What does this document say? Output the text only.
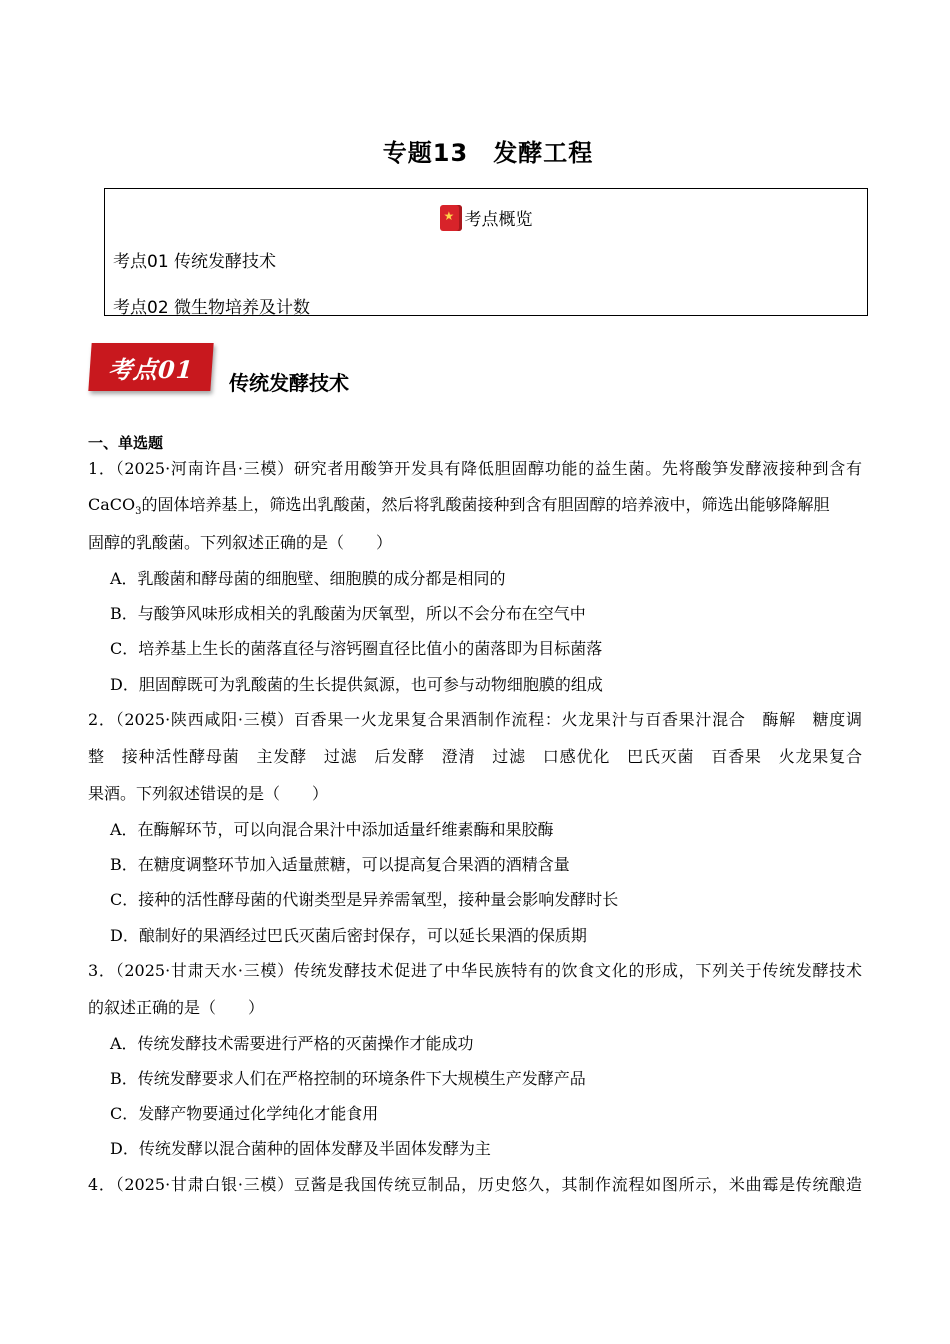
专题13　发酵工程
★考点概览
考点01 传统发酵技术
考点02 微生物培养及计数
考点01 传统发酵技术
一、单选题
1．（2025·河南许昌·三模）研究者用酸笋开发具有降低胆固醇功能的益生菌。先将酸笋发酵液接种到含有
CaCO$_3$的固体培养基上，筛选出乳酸菌，然后将乳酸菌接种到含有胆固醇的培养液中，筛选出能够降解胆
固醇的乳酸菌。下列叙述正确的是（　　）
A．乳酸菌和酵母菌的细胞壁、细胞膜的成分都是相同的
B．与酸笋风味形成相关的乳酸菌为厌氧型，所以不会分布在空气中
C．培养基上生长的菌落直径与溶钙圈直径比值小的菌落即为目标菌落
D．胆固醇既可为乳酸菌的生长提供氮源，也可参与动物细胞膜的组成
2．（2025·陕西咸阳·三模）百香果一火龙果复合果酒制作流程：火龙果汁与百香果汁混合　酶解　糖度调
整　接种活性酵母菌　主发酵　过滤　后发酵　澄清　过滤　口感优化　巴氏灭菌　百香果　火龙果复合
果酒。下列叙述错误的是（　　）
A．在酶解环节，可以向混合果汁中添加适量纤维素酶和果胶酶
B．在糖度调整环节加入适量蔗糖，可以提高复合果酒的酒精含量
C．接种的活性酵母菌的代谢类型是异养需氧型，接种量会影响发酵时长
D．酿制好的果酒经过巴氏灭菌后密封保存，可以延长果酒的保质期
3．（2025·甘肃天水·三模）传统发酵技术促进了中华民族特有的饮食文化的形成，下列关于传统发酵技术
的叙述正确的是（　　）
A．传统发酵技术需要进行严格的灭菌操作才能成功
B．传统发酵要求人们在严格控制的环境条件下大规模生产发酵产品
C．发酵产物要通过化学纯化才能食用
D．传统发酵以混合菌种的固体发酵及半固体发酵为主
4．（2025·甘肃白银·三模）豆酱是我国传统豆制品，历史悠久，其制作流程如图所示，米曲霉是传统酿造
